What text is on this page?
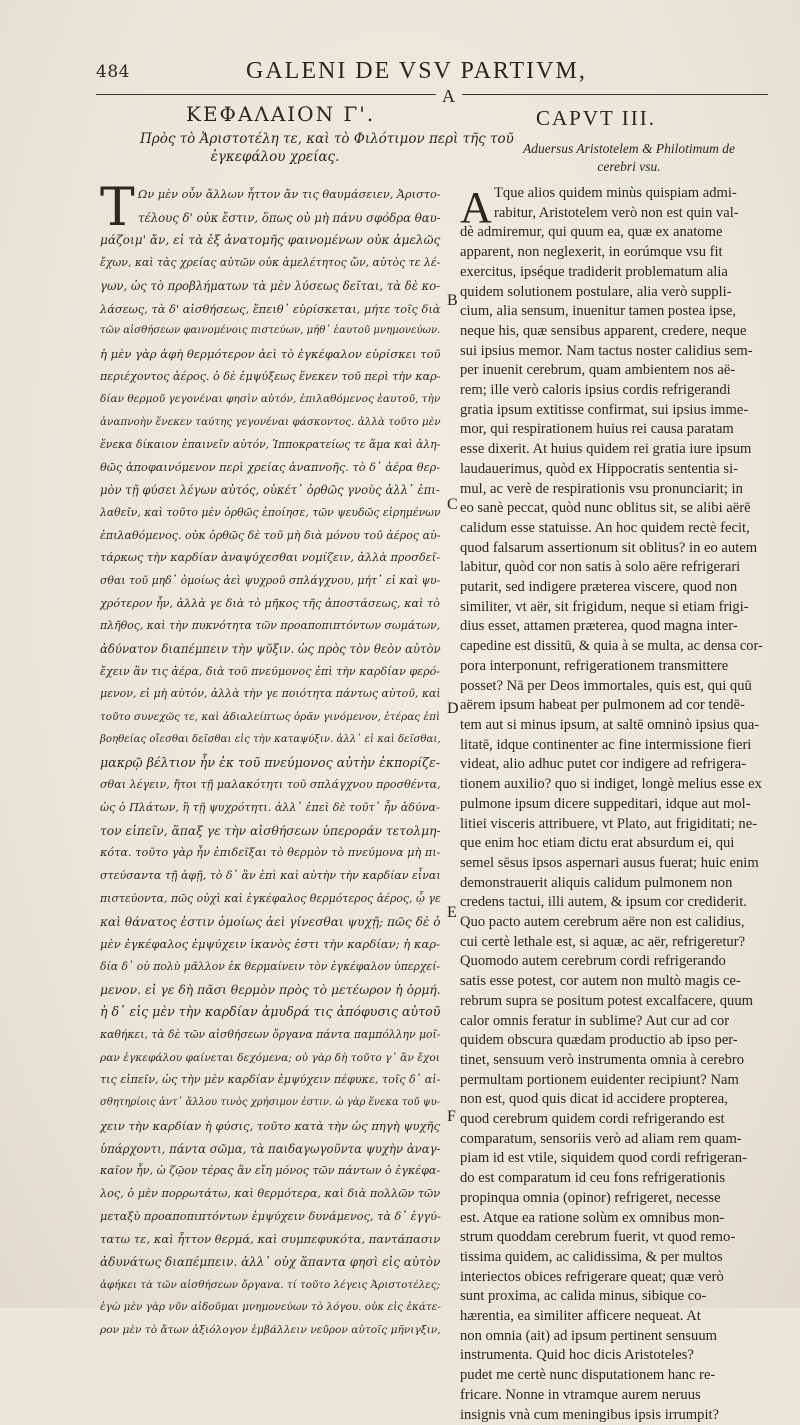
484	GALENI DE VSV PARTIVM,
A
ΚΕΦΑΛΑΙΟΝ Γ'.	CAPVT III.
Πρὸς τὸ Ἀριστοτέλη τε, καὶ τὸ Φιλότιμον περὶ τῆς τοῦ
ἐγκεφάλου χρείας.
Aduersus Aristotelem & Philotimum de
cerebri vsu.
Τ	A
Ων μὲν οὖν ἄλλων ἧττον ἄν τις θαυμάσειεν, Ἀριστο-
τέλους δ' οὐκ ἔστιν, ὅπως οὐ μὴ πάνυ σφόδρα θαυ-
μάζοιμ' ἄν, εἰ τὰ ἐξ ἀνατομῆς φαινομένων οὐκ ἀμελῶς
ἔχων, καὶ τὰς χρείας αὐτῶν οὐκ ἀμελέτητος ὤν, αὐτὸς τε λέ-
γων, ὡς τὸ προβλήματων τὰ μὲν λύσεως δεῖται, τὰ δὲ κο-
λάσεως, τὰ δ' αἰσθήσεως, ἔπειθ᾽ εὑρίσκεται, μήτε τοῖς διὰ
τῶν αἰσθήσεων φαινομένοις πιστεύων, μήθ᾽ ἑαυτοῦ μνημονεύων.
ἡ μὲν γὰρ ἁφὴ θερμότερον ἀεὶ τὸ ἐγκέφαλον εὑρίσκει τοῦ
περιέχοντος ἀέρος. ὁ δὲ ἐμψύξεως ἕνεκεν τοῦ περὶ τὴν καρ-
δίαν θερμοῦ γεγονέναι φησὶν αὐτόν, ἐπιλαθόμενος ἑαυτοῦ, τὴν
ἀναπνοὴν ἕνεκεν ταύτης γεγονέναι φάσκοντος. ἀλλὰ τοῦτο μὲν
ἕνεκα δίκαιον ἐπαινεῖν αὐτόν, Ἱπποκρατείως τε ἅμα καὶ ἀλη-
θῶς ἀποφαινόμενον περὶ χρείας ἀναπνοῆς. τὸ δ᾽ ἀέρα θερ-
μὸν τῇ φύσει λέγων αὐτός, οὐκέτ᾽ ὀρθῶς γνοὺς ἀλλ᾽ ἐπι-
λαθεῖν, καὶ τοῦτο μὲν ὀρθῶς ἐποίησε, τῶν ψευδῶς εἰρημένων
ἐπιλαθόμενος. οὐκ ὀρθῶς δὲ τοῦ μὴ διὰ μόνου τοῦ ἀέρος αὐ-
τάρκως τὴν καρδίαν ἀναψύχεσθαι νομίζειν, ἀλλὰ προσδεῖ-
σθαι τοῦ μηδ᾽ ὁμοίως ἀεὶ ψυχροῦ σπλάγχνου, μήτ᾽ εἰ καὶ ψυ-
χρότερον ἦν, ἀλλὰ γε διὰ τὸ μῆκος τῆς ἀποστάσεως, καὶ τὸ
πλῆθος, καὶ τὴν πυκνότητα τῶν προαποπιπτόντων σωμάτων,
ἀδύνατον διαπέμπειν τὴν ψῦξιν. ὡς πρὸς τὸν θεὸν αὐτὸν
ἔχειν ἂν τις ἀέρα, διὰ τοῦ πνεύμονος ἐπὶ τὴν καρδίαν φερό-
μενον, εἰ μὴ αὐτόν, ἀλλὰ τὴν γε ποιότητα πάντως αὐτοῦ, καὶ
τοῦτο συνεχῶς τε, καὶ ἀδιαλείπτως ὁρᾶν γινόμενον, ἑτέρας ἐπὶ
βοηθείας οἴεσθαι δεῖσθαι εἰς τὴν καταψύξιν. ἀλλ᾽ εἰ καὶ δεῖσθαι,
μακρῷ βέλτιον ἦν ἐκ τοῦ πνεύμονος αὐτὴν ἐκπορίζε-
σθαι λέγειν, ἤτοι τῇ μαλακότητι τοῦ σπλάγχνου προσθέντα,
ὡς ὁ Πλάτων, ἢ τῇ ψυχρότητι. ἀλλ᾽ ἐπεὶ δὲ τοῦτ᾽ ἦν ἀδύνα-
τον εἰπεῖν, ἅπαξ γε τὴν αἰσθήσεων ὑπεροράν τετολμη-
κότα. τοῦτο γὰρ ἦν ἐπιδεῖξαι τὸ θερμὸν τὸ πνεύμονα μὴ πι-
στεύσαντα τῇ ἁφῇ, τὸ δ᾽ ἂν ἐπὶ καὶ αὐτὴν τὴν καρδίαν εἶναι
πιστεύοντα, πῶς οὐχὶ καὶ ἐγκέφαλος θερμότερος ἀέρος, ᾧ γε
καὶ θάνατος ἐστιν ὁμοίως ἀεὶ γίνεσθαι ψυχῇ; πῶς δὲ ὁ
μὲν ἐγκέφαλος ἐμψύχειν ἱκανὸς ἐστι τὴν καρδίαν; ἡ καρ-
δία δ᾽ οὐ πολὺ μᾶλλον ἐκ θερμαίνειν τὸν ἐγκέφαλον ὑπερχεί-
μενον. εἰ γε δὴ πᾶσι θερμὸν πρὸς τὸ μετέωρον ἡ ὁρμή.
ἡ δ᾽ εἰς μὲν τὴν καρδίαν ἀμυδρά τις ἀπόφυσις αὐτοῦ
καθήκει, τὰ δὲ τῶν αἰσθήσεων ὄργανα πάντα παμπόλλην μοῖ-
ραν ἐγκεφάλου φαίνεται δεχόμενα; οὐ γὰρ δὴ τοῦτο γ᾽ ἂν ἔχοι
τις εἰπεῖν, ὡς τὴν μὲν καρδίαν ἐμψύχειν πέφυκε, τοῖς δ᾽ αἰ-
σθητηρίοις ἀντ᾽ ἄλλου τινὸς χρήσιμον ἐστιν. ὡ γὰρ ἕνεκα τοῦ ψυ-
χειν τὴν καρδίαν ἡ φύσις, τοῦτο κατὰ τὴν ὡς πηγὴ ψυχῆς
ὑπάρχοντι, πάντα σῶμα, τὰ παιδαγωγοῦντα ψυχὴν ἀναγ-
καῖον ἦν, ὡ ζῷον τέρας ἂν εἴη μόνος τῶν πάντων ὁ ἐγκέφα-
λος, ὁ μὲν πορρωτάτω, καὶ θερμότερα, καὶ διὰ πολλῶν τῶν
μεταξὺ προαποπιπτόντων ἐμψύχειν δυνάμενος, τὰ δ᾽ ἐγγύ-
τατω τε, καὶ ἧττον θερμά, καὶ συμπεφυκότα, παντάπασιν
ἀδυνάτως διαπέμπειν. ἀλλ᾽ οὐχ ἅπαντα φησὶ εἰς αὐτὸν
ἀφήκει τὰ τῶν αἰσθήσεων ὄργανα. τί τοῦτο λέγεις Ἀριστοτέλες;
ἐγὼ μὲν γὰρ νῦν αἰδοῦμαι μνημονεύων τὸ λόγου. οὐκ εἰς ἑκάτε-
ρον μὲν τὸ ἄτων ἀξιόλογον ἐμβάλλειν νεῦρον αὐτοῖς μῆνιγξιν,
Tque alios quidem minùs quispiam admi-
rabitur, Aristotelem verò non est quin val-
dè admiremur, qui quum ea, quæ ex anatome
apparent, non neglexerit, in eorúmque vsu fit
exercitus, ipséque tradiderit problematum alia
quidem solutionem postulare, alia verò suppli-
cium, alia sensum, inuenitur tamen postea ipse,
neque his, quæ sensibus apparent, credere, neque
sui ipsius memor. Nam tactus noster calidius sem-
per inuenit cerebrum, quam ambientem nos aë-
rem; ille verò caloris ipsius cordis refrigerandi
gratia ipsum extitisse confirmat, sui ipsius imme-
mor, qui respirationem huius rei causa paratam
esse dixerit. At huius quidem rei gratia iure ipsum
laudauerimus, quòd ex Hippocratis sententia si-
mul, ac verè de respirationis vsu pronunciarit; in
eo sanè peccat, quòd nunc oblitus sit, se alibi aërē
calidum esse statuisse. An hoc quidem rectè fecit,
quod falsarum assertionum sit oblitus? in eo autem
labitur, quòd cor non satis à solo aëre refrigerari
putarit, sed indigere præterea viscere, quod non
similiter, vt aër, sit frigidum, neque si etiam frigi-
dius esset, attamen præterea, quod magna inter-
capedine est dissitū, & quia à se multa, ac densa cor-
pora interponunt, refrigerationem transmittere
posset? Nā per Deos immortales, quis est, qui quū
aërem ipsum habeat per pulmonem ad cor tendē-
tem aut si minus ipsum, at saltē omninò ipsius qua-
litatē, idque continenter ac fine intermissione fieri
videat, alio adhuc putet cor indigere ad refrigera-
tionem auxilio? quo si indiget, longè melius esse ex
pulmone ipsum dicere suppeditari, idque aut mol-
litiei visceris attribuere, vt Plato, aut frigiditati; ne-
que enim hoc etiam dictu erat absurdum ei, qui
semel sēsus ipsos aspernari ausus fuerat; huic enim
demonstrauerit aliquis calidum pulmonem non
credens tactui, illi autem, & ipsum cor crediderit.
Quo pacto autem cerebrum aëre non est calidius,
cui certè lethale est, si aquæ, ac aër, refrigeretur?
Quomodo autem cerebrum cordi refrigerando
satis esse potest, cor autem non multò magis ce-
rebrum supra se positum potest excalfacere, quum
calor omnis feratur in sublime? Aut cur ad cor
quidem obscura quædam productio ab ipso per-
tinet, sensuum verò instrumenta omnia à cerebro
permultam portionem euidenter recipiunt? Nam
non est, quod quis dicat id accidere propterea,
quod cerebrum quidem cordi refrigerando est
comparatum, sensoriis verò ad aliam rem quam-
piam id est vtile, siquidem quod cordi refrigeran-
do est comparatum id ceu fons refrigerationis
propinqua omnia (opinor) refrigeret, necesse
est. Atque ea ratione solùm ex omnibus mon-
strum quoddam cerebrum fuerit, vt quod remo-
tissima quidem, ac calidissima, & per multos
interiectos obices refrigerare queat; quæ verò
sunt proxima, ac calida minus, sibique co-
hærentia, ea similiter afficere nequeat. At
non omnia (ait) ad ipsum pertinent sensuum
instrumenta. Quid hoc dicis Aristoteles?
pudet me certè nunc disputationem hanc re-
fricare. Nonne in vtramque aurem neruus
insignis vnà cum meningibus ipsis irrumpit?
B
C
D
E
F
